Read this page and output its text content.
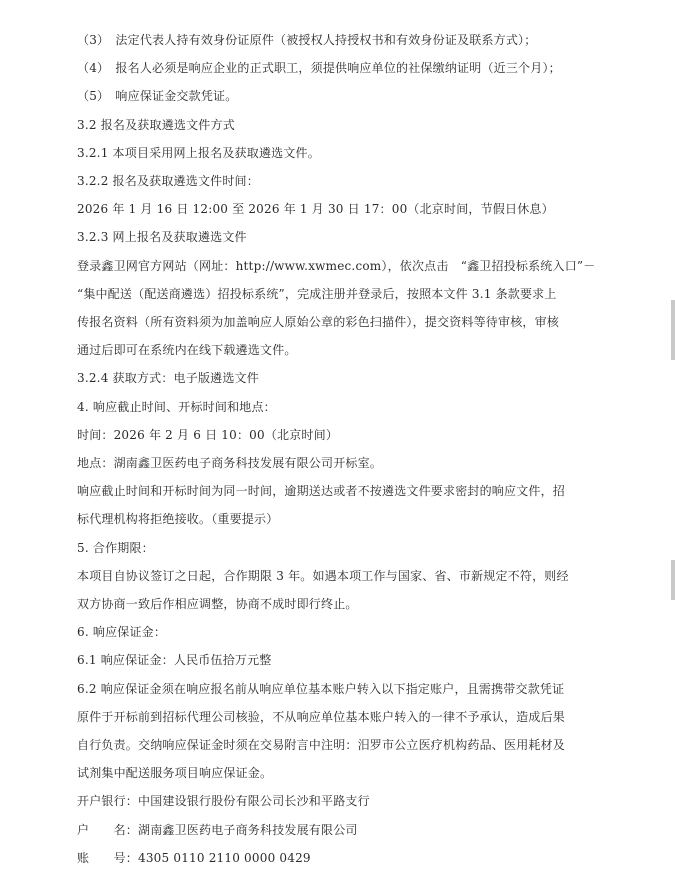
（3）　法定代表人持有效身份证原件（被授权人持授权书和有效身份证及联系方式）；
（4）　报名人必须是响应企业的正式职工，须提供响应单位的社保缴纳证明（近三个月）；
（5）　响应保证金交款凭证。
3.2 报名及获取遴选文件方式
3.2.1 本项目采用网上报名及获取遴选文件。
3.2.2 报名及获取遴选文件时间：
2026 年 1 月 16 日 12:00 至 2026 年 1 月 30 日 17：00（北京时间，节假日休息）
3.2.3 网上报名及获取遴选文件
登录鑫卫网官方网站（网址：http://www.xwmec.com），依次点击　“鑫卫招投标系统入口”－
“集中配送（配送商遴选）招投标系统”，完成注册并登录后，按照本文件 3.1 条款要求上
传报名资料（所有资料须为加盖响应人原始公章的彩色扫描件），提交资料等待审核，审核
通过后即可在系统内在线下载遴选文件。
3.2.4 获取方式：电子版遴选文件
4. 响应截止时间、开标时间和地点：
时间：2026 年 2 月 6 日 10：00（北京时间）
地点：湖南鑫卫医药电子商务科技发展有限公司开标室。
响应截止时间和开标时间为同一时间，逾期送达或者不按遴选文件要求密封的响应文件，招
标代理机构将拒绝接收。（重要提示）
5. 合作期限：
本项目自协议签订之日起，合作期限 3 年。如遇本项工作与国家、省、市新规定不符，则经
双方协商一致后作相应调整，协商不成时即行终止。
6. 响应保证金：
6.1 响应保证金：人民币伍拾万元整
6.2 响应保证金须在响应报名前从响应单位基本账户转入以下指定账户，且需携带交款凭证
原件于开标前到招标代理公司核验，不从响应单位基本账户转入的一律不予承认，造成后果
自行负责。交纳响应保证金时须在交易附言中注明：汨罗市公立医疗机构药品、医用耗材及
试剂集中配送服务项目响应保证金。
开户银行：中国建设银行股份有限公司长沙和平路支行
户　　名：湖南鑫卫医药电子商务科技发展有限公司
账　　号：4305 0110 2110 0000 0429
